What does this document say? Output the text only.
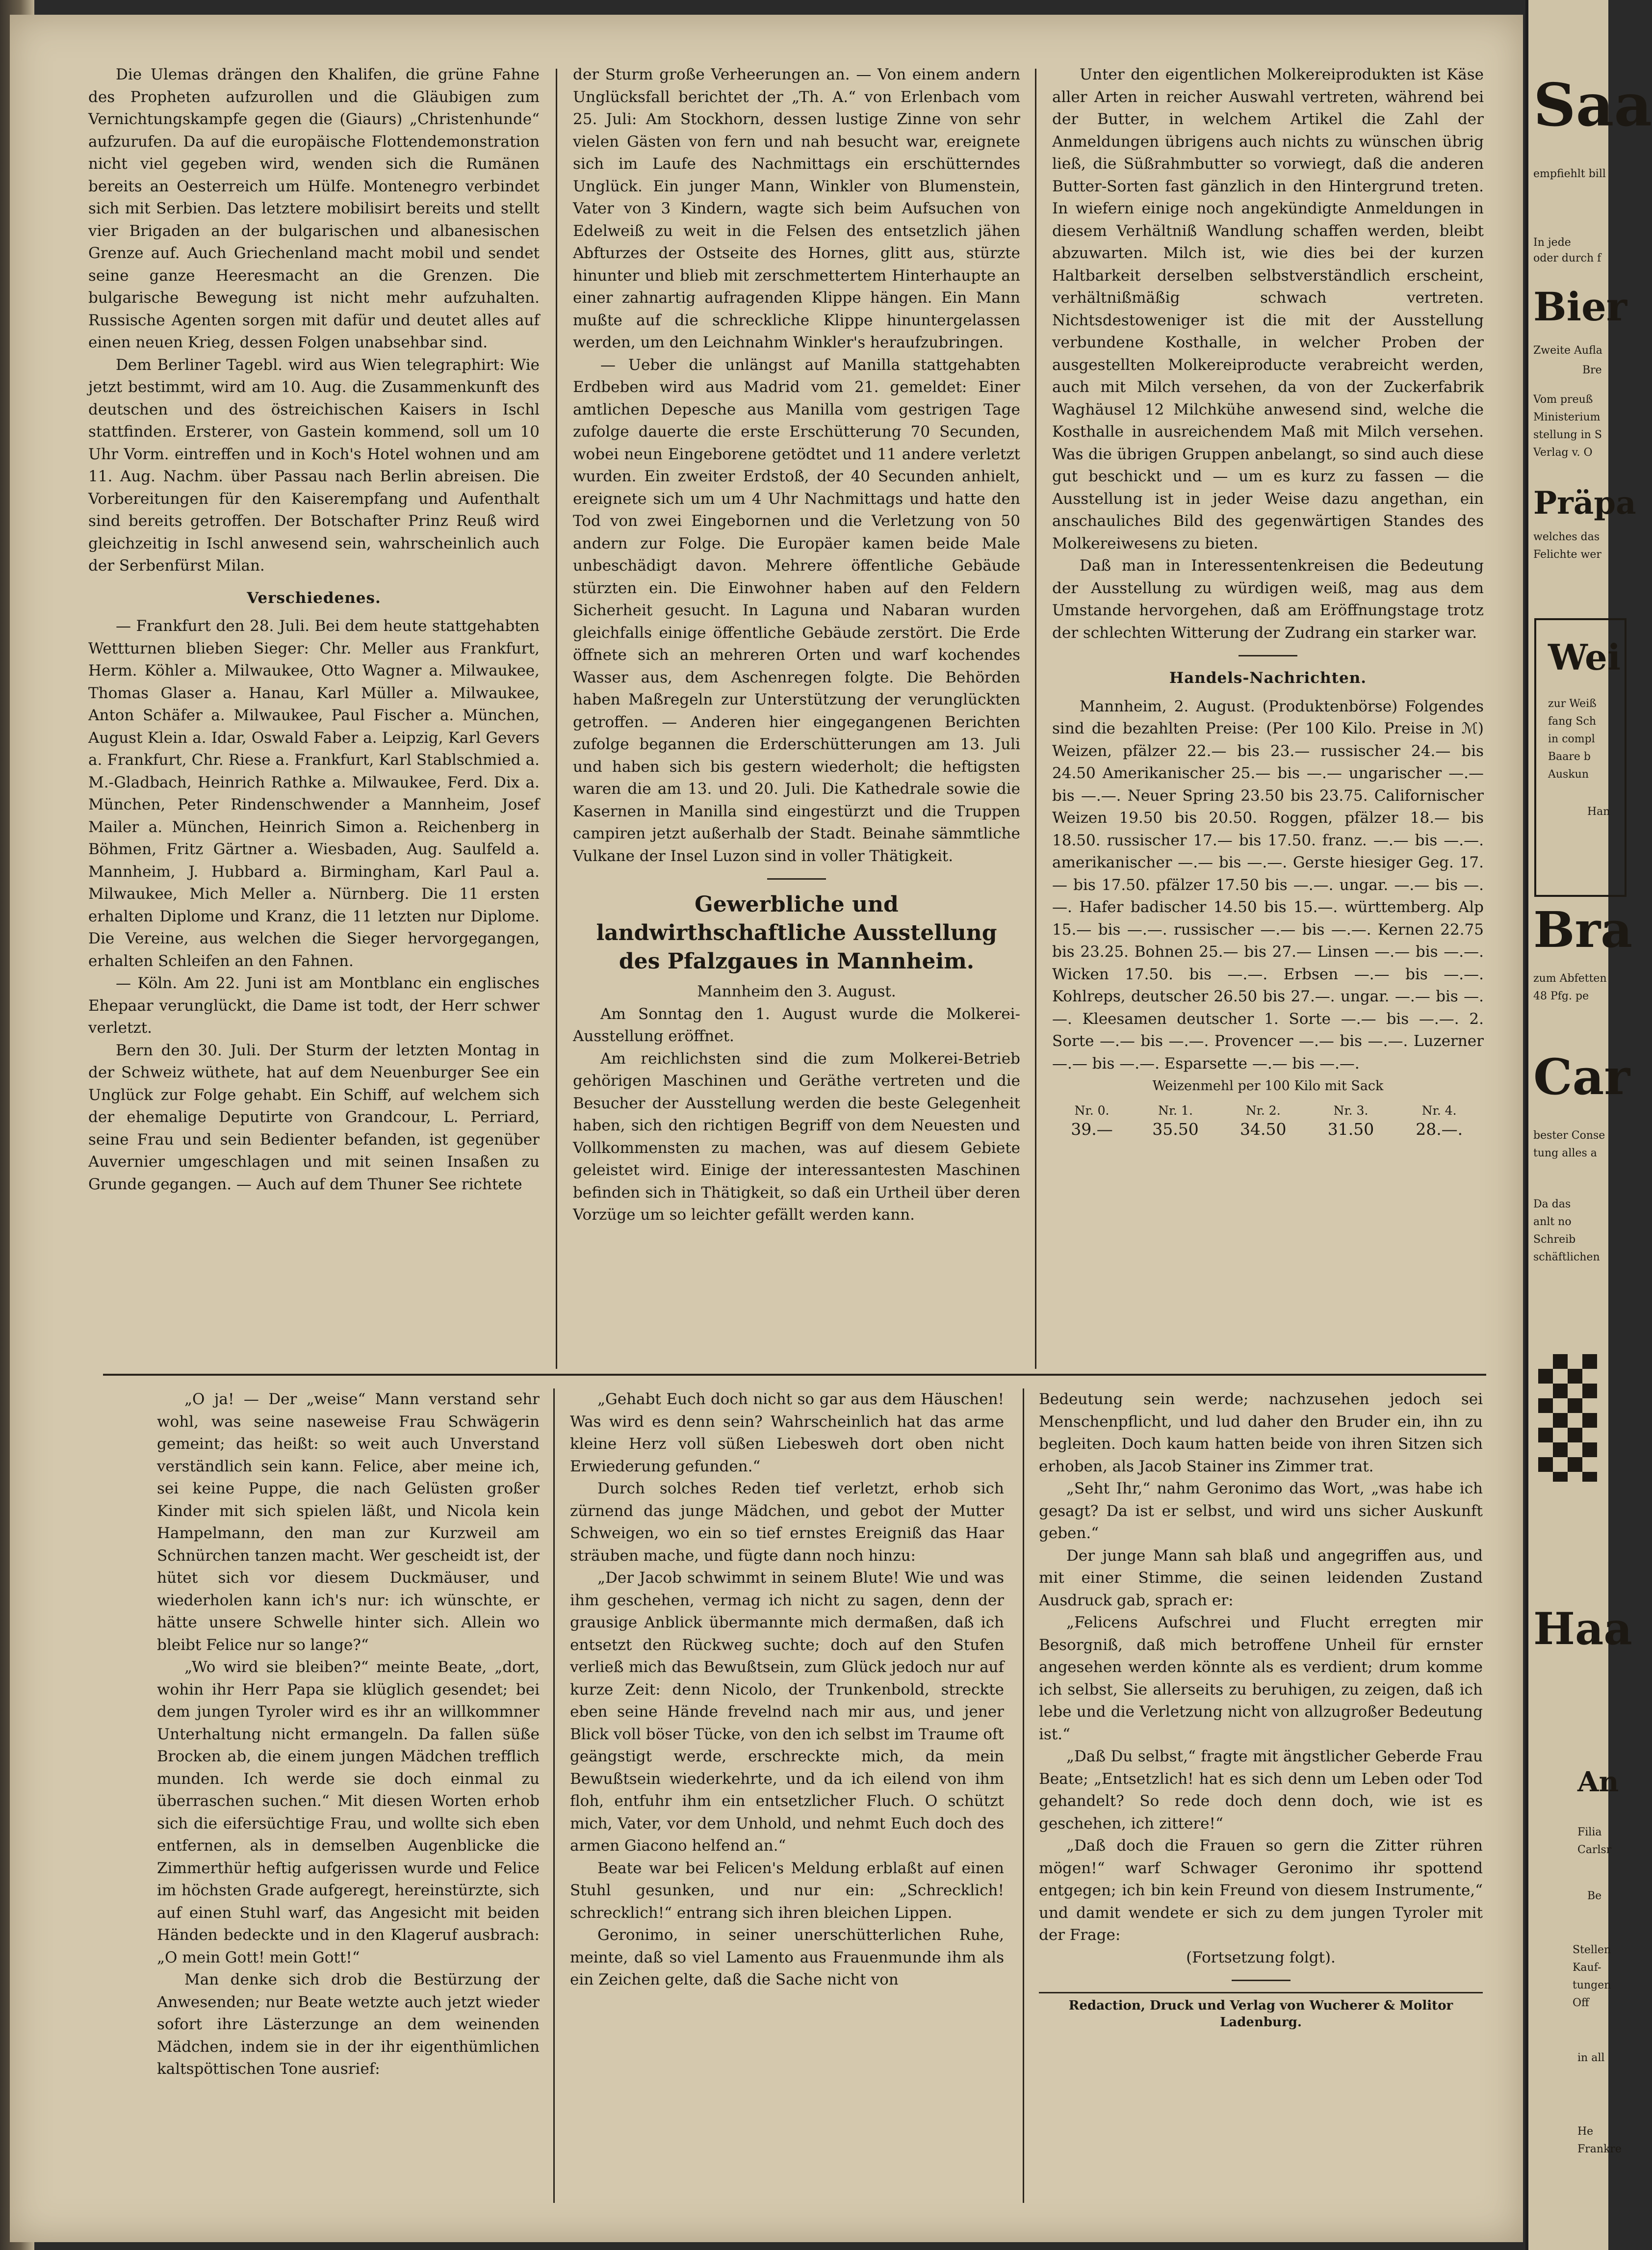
Die Ulemas drängen den Khalifen, die grüne Fahne des Propheten aufzurollen und die Gläubigen zum Vernichtungskampfe gegen die (Giaurs) „Christenhunde“ aufzurufen. Da auf die europäische Flottendemonstration nicht viel gegeben wird, wenden sich die Rumänen bereits an Oesterreich um Hülfe. Montenegro verbindet sich mit Serbien. Das letztere mobilisirt bereits und stellt vier Brigaden an der bulgarischen und albanesischen Grenze auf. Auch Griechenland macht mobil und sendet seine ganze Heeresmacht an die Grenzen. Die bulgarische Bewegung ist nicht mehr aufzuhalten. Russische Agenten sorgen mit dafür und deutet alles auf einen neuen Krieg, dessen Folgen unabsehbar sind.

Dem Berliner Tagebl. wird aus Wien telegraphirt: Wie jetzt bestimmt, wird am 10. Aug. die Zusammenkunft des deutschen und des östreichischen Kaisers in Ischl stattfinden. Ersterer, von Gastein kommend, soll um 10 Uhr Vorm. eintreffen und in Koch's Hotel wohnen und am 11. Aug. Nachm. über Passau nach Berlin abreisen. Die Vorbereitungen für den Kaiserempfang und Aufenthalt sind bereits getroffen. Der Botschafter Prinz Reuß wird gleichzeitig in Ischl anwesend sein, wahrscheinlich auch der Serbenfürst Milan.

Verschiedenes.

— Frankfurt den 28. Juli. Bei dem heute stattgehabten Wettturnen blieben Sieger: Chr. Meller aus Frankfurt, Herm. Köhler a. Milwaukee, Otto Wagner a. Milwaukee, Thomas Glaser a. Hanau, Karl Müller a. Milwaukee, Anton Schäfer a. Milwaukee, Paul Fischer a. München, August Klein a. Idar, Oswald Faber a. Leipzig, Karl Gevers a. Frankfurt, Chr. Riese a. Frankfurt, Karl Stablschmied a. M.-Gladbach, Heinrich Rathke a. Milwaukee, Ferd. Dix a. München, Peter Rindenschwender a Mannheim, Josef Mailer a. München, Heinrich Simon a. Reichenberg in Böhmen, Fritz Gärtner a. Wiesbaden, Aug. Saulfeld a. Mannheim, J. Hubbard a. Birmingham, Karl Paul a. Milwaukee, Mich Meller a. Nürnberg. Die 11 ersten erhalten Diplome und Kranz, die 11 letzten nur Diplome. Die Vereine, aus welchen die Sieger hervorgegangen, erhalten Schleifen an den Fahnen.

— Köln. Am 22. Juni ist am Montblanc ein englisches Ehepaar verunglückt, die Dame ist todt, der Herr schwer verletzt.

Bern den 30. Juli. Der Sturm der letzten Montag in der Schweiz wüthete, hat auf dem Neuenburger See ein Unglück zur Folge gehabt. Ein Schiff, auf welchem sich der ehemalige Deputirte von Grandcour, L. Perriard, seine Frau und sein Bedienter befanden, ist gegenüber Auvernier umgeschlagen und mit seinen Insaßen zu Grunde gegangen. — Auch auf dem Thuner See richtete

der Sturm große Verheerungen an. — Von einem andern Unglücksfall berichtet der „Th. A.“ von Erlenbach vom 25. Juli: Am Stockhorn, dessen lustige Zinne von sehr vielen Gästen von fern und nah besucht war, ereignete sich im Laufe des Nachmittags ein erschütterndes Unglück. Ein junger Mann, Winkler von Blumenstein, Vater von 3 Kindern, wagte sich beim Aufsuchen von Edelweiß zu weit in die Felsen des entsetzlich jähen Abfturzes der Ostseite des Hornes, glitt aus, stürzte hinunter und blieb mit zerschmettertem Hinterhaupte an einer zahnartig aufragenden Klippe hängen. Ein Mann mußte auf die schreckliche Klippe hinuntergelassen werden, um den Leichnahm Winkler's heraufzubringen.

— Ueber die unlängst auf Manilla stattgehabten Erdbeben wird aus Madrid vom 21. gemeldet: Einer amtlichen Depesche aus Manilla vom gestrigen Tage zufolge dauerte die erste Erschütterung 70 Secunden, wobei neun Eingeborene getödtet und 11 andere verletzt wurden. Ein zweiter Erdstoß, der 40 Secunden anhielt, ereignete sich um um 4 Uhr Nachmittags und hatte den Tod von zwei Eingebornen und die Verletzung von 50 andern zur Folge. Die Europäer kamen beide Male unbeschädigt davon. Mehrere öffentliche Gebäude stürzten ein. Die Einwohner haben auf den Feldern Sicherheit gesucht. In Laguna und Nabaran wurden gleichfalls einige öffentliche Gebäude zerstört. Die Erde öffnete sich an mehreren Orten und warf kochendes Wasser aus, dem Aschenregen folgte. Die Behörden haben Maßregeln zur Unterstützung der verunglückten getroffen. — Anderen hier eingegangenen Berichten zufolge begannen die Erderschütterungen am 13. Juli und haben sich bis gestern wiederholt; die heftigsten waren die am 13. und 20. Juli. Die Kathedrale sowie die Kasernen in Manilla sind eingestürzt und die Truppen campiren jetzt außerhalb der Stadt. Beinahe sämmtliche Vulkane der Insel Luzon sind in voller Thätigkeit.

Gewerbliche und landwirthschaftliche Ausstellung des Pfalzgaues in Mannheim.

Mannheim den 3. August.

Am Sonntag den 1. August wurde die Molkerei-Ausstellung eröffnet.

Am reichlichsten sind die zum Molkerei-Betrieb gehörigen Maschinen und Geräthe vertreten und die Besucher der Ausstellung werden die beste Gelegenheit haben, sich den richtigen Begriff von dem Neuesten und Vollkommensten zu machen, was auf diesem Gebiete geleistet wird. Einige der interessantesten Maschinen befinden sich in Thätigkeit, so daß ein Urtheil über deren Vorzüge um so leichter gefällt werden kann.

Unter den eigentlichen Molkereiprodukten ist Käse aller Arten in reicher Auswahl vertreten, während bei der Butter, in welchem Artikel die Zahl der Anmeldungen übrigens auch nichts zu wünschen übrig ließ, die Süßrahmbutter so vorwiegt, daß die anderen Butter-Sorten fast gänzlich in den Hintergrund treten. In wiefern einige noch angekündigte Anmeldungen in diesem Verhältniß Wandlung schaffen werden, bleibt abzuwarten. Milch ist, wie dies bei der kurzen Haltbarkeit derselben selbstverständlich erscheint, verhältnißmäßig schwach vertreten. Nichtsdestoweniger ist die mit der Ausstellung verbundene Kosthalle, in welcher Proben der ausgestellten Molkereiproducte verabreicht werden, auch mit Milch versehen, da von der Zuckerfabrik Waghäusel 12 Milchkühe anwesend sind, welche die Kosthalle in ausreichendem Maß mit Milch versehen. Was die übrigen Gruppen anbelangt, so sind auch diese gut beschickt und — um es kurz zu fassen — die Ausstellung ist in jeder Weise dazu angethan, ein anschauliches Bild des gegenwärtigen Standes des Molkereiwesens zu bieten.

Daß man in Interessentenkreisen die Bedeutung der Ausstellung zu würdigen weiß, mag aus dem Umstande hervorgehen, daß am Eröffnungstage trotz der schlechten Witterung der Zudrang ein starker war.

Handels-Nachrichten.

Mannheim, 2. August. (Produktenbörse) Folgendes sind die bezahlten Preise: (Per 100 Kilo. Preise in ℳ) Weizen, pfälzer 22.— bis 23.— russischer 24.— bis 24.50 Amerikanischer 25.— bis —.— ungarischer —.— bis —.—. Neuer Spring 23.50 bis 23.75. Californischer Weizen 19.50 bis 20.50. Roggen, pfälzer 18.— bis 18.50. russischer 17.— bis 17.50. franz. —.— bis —.—. amerikanischer —.— bis —.—. Gerste hiesiger Geg. 17.— bis 17.50. pfälzer 17.50 bis —.—. ungar. —.— bis —.—. Hafer badischer 14.50 bis 15.—. württemberg. Alp 15.— bis —.—. russischer —.— bis —.—. Kernen 22.75 bis 23.25. Bohnen 25.— bis 27.— Linsen —.— bis —.—. Wicken 17.50. bis —.—. Erbsen —.— bis —.—. Kohlreps, deutscher 26.50 bis 27.—. ungar. —.— bis —.—. Kleesamen deutscher 1. Sorte —.— bis —.—. 2. Sorte —.— bis —.—. Provencer —.— bis —.—. Luzerner —.— bis —.—. Esparsette —.— bis —.—.

Weizenmehl per 100 Kilo mit Sack

Nr. 0.	Nr. 1.	Nr. 2.	Nr. 3.	Nr. 4.
39.—	35.50	34.50	31.50	28.—.

„O ja! — Der „weise“ Mann verstand sehr wohl, was seine naseweise Frau Schwägerin gemeint; das heißt: so weit auch Unverstand verständlich sein kann. Felice, aber meine ich, sei keine Puppe, die nach Gelüsten großer Kinder mit sich spielen läßt, und Nicola kein Hampelmann, den man zur Kurzweil am Schnürchen tanzen macht. Wer gescheidt ist, der hütet sich vor diesem Duckmäuser, und wiederholen kann ich's nur: ich wünschte, er hätte unsere Schwelle hinter sich. Allein wo bleibt Felice nur so lange?“

„Wo wird sie bleiben?“ meinte Beate, „dort, wohin ihr Herr Papa sie klüglich gesendet; bei dem jungen Tyroler wird es ihr an willkommner Unterhaltung nicht ermangeln. Da fallen süße Brocken ab, die einem jungen Mädchen trefflich munden. Ich werde sie doch einmal zu überraschen suchen.“ Mit diesen Worten erhob sich die eifersüchtige Frau, und wollte sich eben entfernen, als in demselben Augenblicke die Zimmerthür heftig aufgerissen wurde und Felice im höchsten Grade aufgeregt, hereinstürzte, sich auf einen Stuhl warf, das Angesicht mit beiden Händen bedeckte und in den Klageruf ausbrach: „O mein Gott! mein Gott!“

Man denke sich drob die Bestürzung der Anwesenden; nur Beate wetzte auch jetzt wieder sofort ihre Lästerzunge an dem weinenden Mädchen, indem sie in der ihr eigenthümlichen kaltspöttischen Tone ausrief:

„Gehabt Euch doch nicht so gar aus dem Häuschen! Was wird es denn sein? Wahrscheinlich hat das arme kleine Herz voll süßen Liebesweh dort oben nicht Erwiederung gefunden.“

Durch solches Reden tief verletzt, erhob sich zürnend das junge Mädchen, und gebot der Mutter Schweigen, wo ein so tief ernstes Ereigniß das Haar sträuben mache, und fügte dann noch hinzu:

„Der Jacob schwimmt in seinem Blute! Wie und was ihm geschehen, vermag ich nicht zu sagen, denn der grausige Anblick übermannte mich dermaßen, daß ich entsetzt den Rückweg suchte; doch auf den Stufen verließ mich das Bewußtsein, zum Glück jedoch nur auf kurze Zeit: denn Nicolo, der Trunkenbold, streckte eben seine Hände frevelnd nach mir aus, und jener Blick voll böser Tücke, von den ich selbst im Traume oft geängstigt werde, erschreckte mich, da mein Bewußtsein wiederkehrte, und da ich eilend von ihm floh, entfuhr ihm ein entsetzlicher Fluch. O schützt mich, Vater, vor dem Unhold, und nehmt Euch doch des armen Giacono helfend an.“

Beate war bei Felicen's Meldung erblaßt auf einen Stuhl gesunken, und nur ein: „Schrecklich! schrecklich!“ entrang sich ihren bleichen Lippen.

Geronimo, in seiner unerschütterlichen Ruhe, meinte, daß so viel Lamento aus Frauenmunde ihm als ein Zeichen gelte, daß die Sache nicht von

Bedeutung sein werde; nachzusehen jedoch sei Menschenpflicht, und lud daher den Bruder ein, ihn zu begleiten. Doch kaum hatten beide von ihren Sitzen sich erhoben, als Jacob Stainer ins Zimmer trat.

„Seht Ihr,“ nahm Geronimo das Wort, „was habe ich gesagt? Da ist er selbst, und wird uns sicher Auskunft geben.“

Der junge Mann sah blaß und angegriffen aus, und mit einer Stimme, die seinen leidenden Zustand Ausdruck gab, sprach er:

„Felicens Aufschrei und Flucht erregten mir Besorgniß, daß mich betroffene Unheil für ernster angesehen werden könnte als es verdient; drum komme ich selbst, Sie allerseits zu beruhigen, zu zeigen, daß ich lebe und die Verletzung nicht von allzugroßer Bedeutung ist.“

„Daß Du selbst,“ fragte mit ängstlicher Geberde Frau Beate; „Entsetzlich! hat es sich denn um Leben oder Tod gehandelt? So rede doch denn doch, wie ist es geschehen, ich zittere!“

„Daß doch die Frauen so gern die Zitter rühren mögen!“ warf Schwager Geronimo ihr spottend entgegen; ich bin kein Freund von diesem Instrumente,“ und damit wendete er sich zu dem jungen Tyroler mit der Frage:

(Fortsetzung folgt).

Redaction, Druck und Verlag von Wucherer & Molitor Ladenburg.

Saa
empfiehlt bill
In jede
oder durch f
Bier
Zweite Aufla
Bre
Vom preuß
Ministerium
stellung in S
Verlag v. O
Präpa
welches das
Felichte wer
Wei
zur Weiß
fang Sch
in compl
Baare b
Auskun
Han
Bra
zum Abfetten
48 Pfg. pe
Car
bester Conse
tung alles a
Da das
anlt no
Schreib
schäftlichen
Haa
An
Filia
Carlsr
Be
Stellen
Kauf-
tungen
Off
in all
He
Frankre
